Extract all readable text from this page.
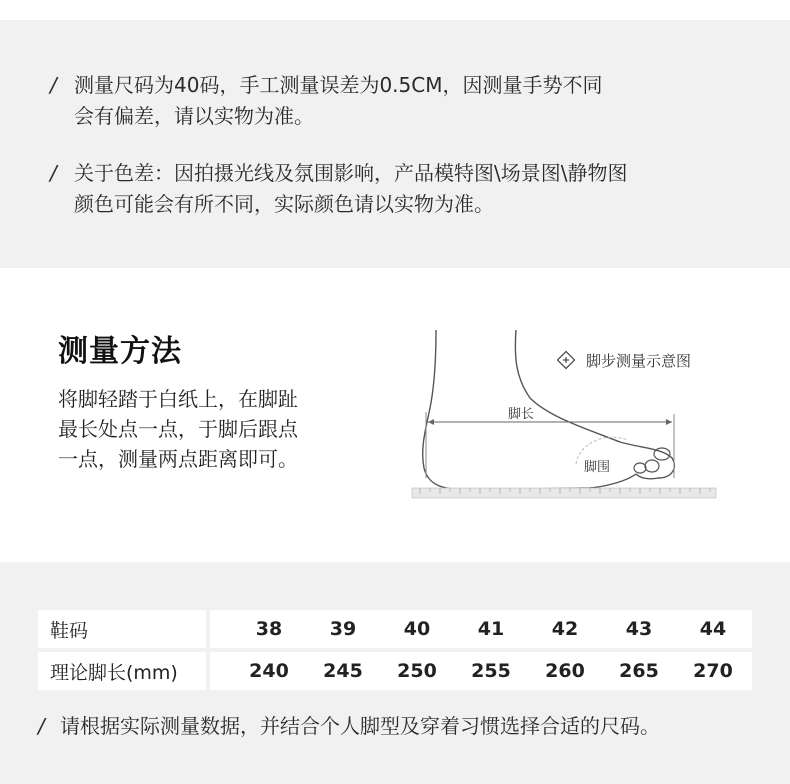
/ 测量尺码为40码，手工测量误差为0.5CM，因测量手势不同
会有偏差，请以实物为准。
/ 关于色差：因拍摄光线及氛围影响，产品模特图\场景图\静物图
颜色可能会有所不同，实际颜色请以实物为准。
测量方法
将脚轻踏于白纸上，在脚趾
最长处点一点，于脚后跟点
一点，测量两点距离即可。
脚步测量示意图
脚长
脚围
鞋码	38	39	40	41	42	43	44
理论脚长(mm)	240	245	250	255	260	265	270
/ 请根据实际测量数据，并结合个人脚型及穿着习惯选择合适的尺码。
